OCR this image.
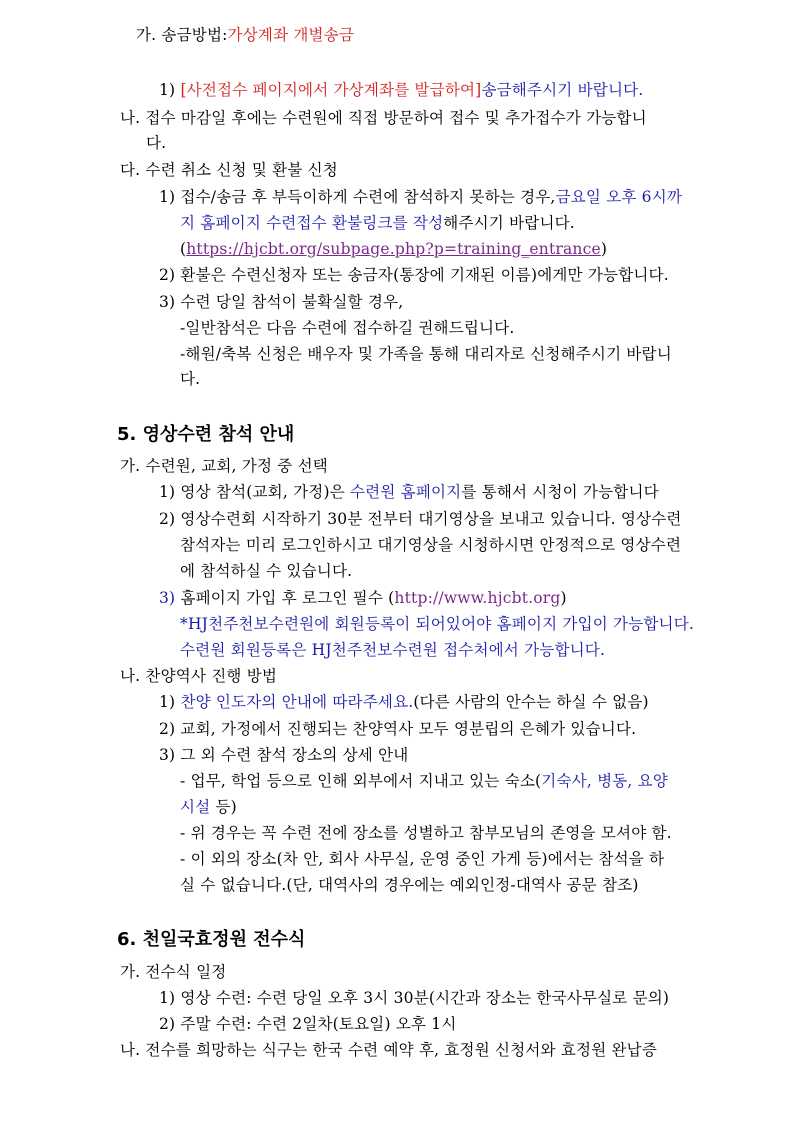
가. 송금방법:가상계좌 개별송금
1) [사전접수 페이지에서 가상계좌를 발급하여]송금해주시기 바랍니다.
나. 접수 마감일 후에는 수련원에 직접 방문하여 접수 및 추가접수가 가능합니
다.
다. 수련 취소 신청 및 환불 신청
1) 접수/송금 후 부득이하게 수련에 참석하지 못하는 경우,금요일 오후 6시까
지 홈페이지 수련접수 환불링크를 작성해주시기 바랍니다.
(https://hjcbt.org/subpage.php?p=training_entrance)
2) 환불은 수련신청자 또는 송금자(통장에 기재된 이름)에게만 가능합니다.
3) 수련 당일 참석이 불확실할 경우,
-일반참석은 다음 수련에 접수하길 권해드립니다.
-해원/축복 신청은 배우자 및 가족을 통해 대리자로 신청해주시기 바랍니
다.
5. 영상수련 참석 안내
가. 수련원, 교회, 가정 중 선택
1) 영상 참석(교회, 가정)은 수련원 홈페이지를 통해서 시청이 가능합니다
2) 영상수련회 시작하기 30분 전부터 대기영상을 보내고 있습니다. 영상수련
참석자는 미리 로그인하시고 대기영상을 시청하시면 안정적으로 영상수련
에 참석하실 수 있습니다.
3) 홈페이지 가입 후 로그인 필수 (http://www.hjcbt.org)
*HJ천주천보수련원에 회원등록이 되어있어야 홈페이지 가입이 가능합니다.
수련원 회원등록은 HJ천주천보수련원 접수처에서 가능합니다.
나. 찬양역사 진행 방법
1) 찬양 인도자의 안내에 따라주세요.(다른 사람의 안수는 하실 수 없음)
2) 교회, 가정에서 진행되는 찬양역사 모두 영분립의 은혜가 있습니다.
3) 그 외 수련 참석 장소의 상세 안내
- 업무, 학업 등으로 인해 외부에서 지내고 있는 숙소(기숙사, 병동, 요양
시설 등)
- 위 경우는 꼭 수련 전에 장소를 성별하고 참부모님의 존영을 모셔야 함.
- 이 외의 장소(차 안, 회사 사무실, 운영 중인 가게 등)에서는 참석을 하
실 수 없습니다.(단, 대역사의 경우에는 예외인정-대역사 공문 참조)
6. 천일국효정원 전수식
가. 전수식 일정
1) 영상 수련: 수련 당일 오후 3시 30분(시간과 장소는 한국사무실로 문의)
2) 주말 수련: 수련 2일차(토요일) 오후 1시
나. 전수를 희망하는 식구는 한국 수련 예약 후, 효정원 신청서와 효정원 완납증
